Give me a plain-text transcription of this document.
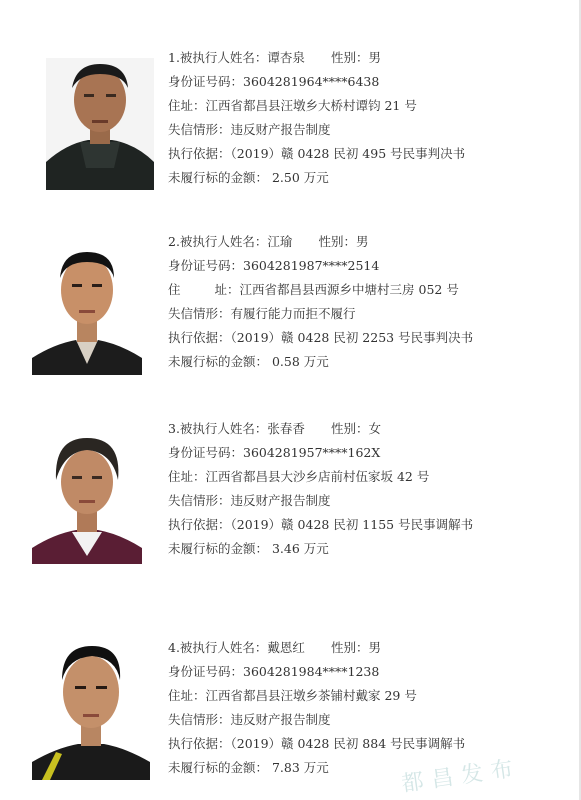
1.被执行人姓名：谭杏泉 性别：男
身份证号码：3604281964****6438
住址：江西省都昌县汪墩乡大桥村谭钧 21 号
失信情形：违反财产报告制度
执行依据：（2019）赣 0428 民初 495 号民事判决书
未履行标的金额： 2.50 万元
2.被执行人姓名：江瑜 性别：男
身份证号码：3604281987****2514
住	址：江西省都昌县西源乡中塘村三房 052 号
失信情形：有履行能力而拒不履行
执行依据：（2019）赣 0428 民初 2253 号民事判决书
未履行标的金额： 0.58 万元
3.被执行人姓名：张春香 性别：女
身份证号码：3604281957****162X
住址：江西省都昌县大沙乡店前村伍家坂 42 号
失信情形：违反财产报告制度
执行依据：（2019）赣 0428 民初 1155 号民事调解书
未履行标的金额： 3.46 万元
4.被执行人姓名：戴恩红 性别：男
身份证号码：3604281984****1238
住址：江西省都昌县汪墩乡茶铺村戴家 29 号
失信情形：违反财产报告制度
执行依据：（2019）赣 0428 民初 884 号民事调解书
未履行标的金额： 7.83 万元	都昌发布
